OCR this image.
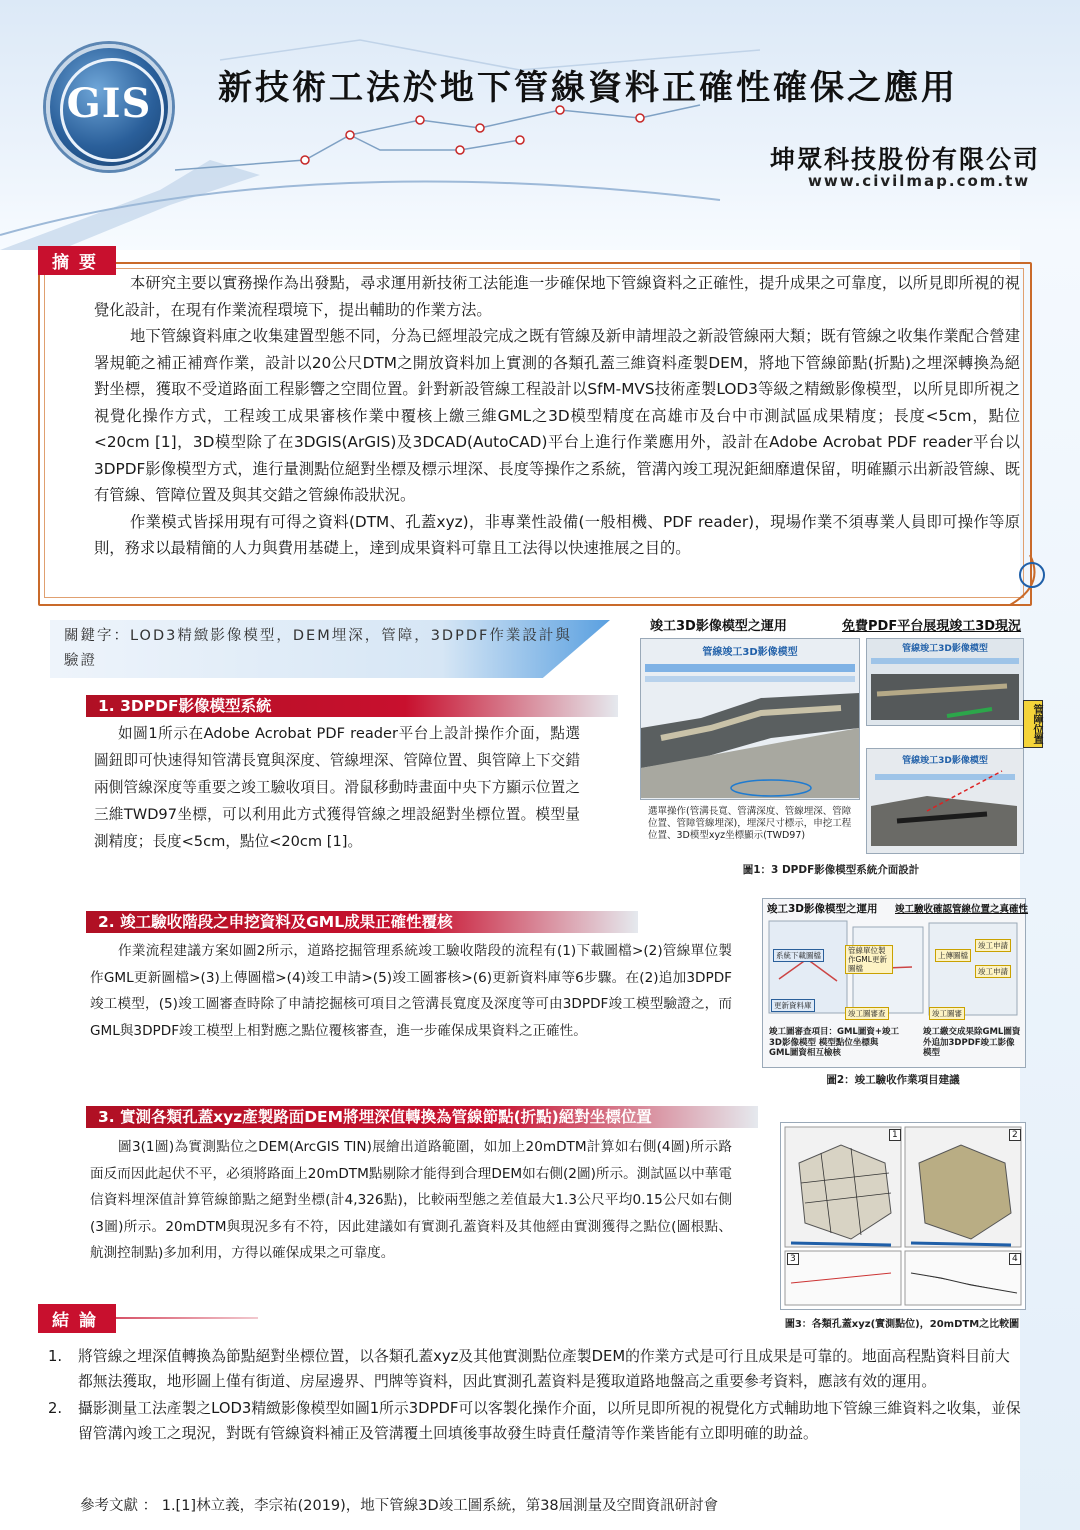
GIS	新技術工法於地下管線資料正確性確保之應用
坤眾科技股份有限公司
www.civilmap.com.tw
摘要
本研究主要以實務操作為出發點，尋求運用新技術工法能進一步確保地下管線資料之正確性，提升成果之可靠度，以所見即所視的視覺化設計，在現有作業流程環境下，提出輔助的作業方法。
地下管線資料庫之收集建置型態不同，分為已經埋設完成之既有管線及新申請埋設之新設管線兩大類；既有管線之收集作業配合營建署規範之補正補齊作業，設計以20公尺DTM之開放資料加上實測的各類孔蓋三維資料產製DEM，將地下管線節點(折點)之埋深轉換為絕對坐標，獲取不受道路面工程影響之空間位置。針對新設管線工程設計以SfM-MVS技術產製LOD3等級之精緻影像模型，以所見即所視之視覺化操作方式，工程竣工成果審核作業中覆核上繳三維GML之3D模型精度在高雄市及台中市測試區成果精度；長度<5cm，點位<20cm [1]，3D模型除了在3DGIS(ArGIS)及3DCAD(AutoCAD)平台上進行作業應用外，設計在Adobe Acrobat PDF reader平台以3DPDF影像模型方式，進行量測點位絕對坐標及標示埋深、長度等操作之系統，管溝內竣工現況鉅細靡遺保留，明確顯示出新設管線、既有管線、管障位置及與其交錯之管線佈設狀況。
作業模式皆採用現有可得之資料(DTM、孔蓋xyz)，非專業性設備(一般相機、PDF reader)，現場作業不須專業人員即可操作等原則，務求以最精簡的人力與費用基礎上，達到成果資料可靠且工法得以快速推展之目的。
關鍵字：LOD3精緻影像模型，DEM埋深，管障，3DPDF作業設計與驗證
1. 3DPDF影像模型系統
如圖1所示在Adobe Acrobat PDF reader平台上設計操作介面，點選圖鈕即可快速得知管溝長寬與深度、管線埋深、管障位置、與管障上下交錯兩側管線深度等重要之竣工驗收項目。滑鼠移動時畫面中央下方顯示位置之三維TWD97坐標，可以利用此方式獲得管線之埋設絕對坐標位置。模型量測精度；長度<5cm，點位<20cm [1]。
竣工3D影像模型之運用	免費PDF平台展現竣工3D現況
管線竣工3D影像模型	管線竣工3D影像模型
管線竣工3D影像模型
管障位置
選單操作(管溝長寬、管溝深度、管線埋深、管障位置、管障管線埋深)，埋深尺寸標示，申挖工程位置、3D模型xyz坐標顯示(TWD97)
圖1：3 DPDF影像模型系統介面設計
2. 竣工驗收階段之申挖資料及GML成果正確性覆核
作業流程建議方案如圖2所示，道路挖掘管理系統竣工驗收階段的流程有(1)下載圖檔>(2)管線單位製作GML更新圖檔>(3)上傳圖檔>(4)竣工申請>(5)竣工圖審核>(6)更新資料庫等6步驟。在(2)追加3DPDF竣工模型，(5)竣工圖審查時除了申請挖掘核可項目之管溝長寬度及深度等可由3DPDF竣工模型驗證之，而GML與3DPDF竣工模型上相對應之點位覆核審查，進一步確保成果資料之正確性。
竣工3D影像模型之運用 竣工驗收確認管線位置之真確性
系統下載圖檔
管線單位製作GML更新圖檔
上傳圖檔
竣工申請
更新資料庫
竣工圖審查
竣工申請
竣工圖審
竣工圖審查項目：GML圖資+竣工3D影像模型 模型點位坐標與GML圖資相互檢核
竣工繳交成果除GML圖資外追加3DPDF竣工影像模型
圖2：竣工驗收作業項目建議
3. 實測各類孔蓋xyz產製路面DEM將埋深值轉換為管線節點(折點)絕對坐標位置
圖3(1圖)為實測點位之DEM(ArcGIS TIN)展繪出道路範圍，如加上20mDTM計算如右側(4圖)所示路面反而因此起伏不平，必須將路面上20mDTM點剔除才能得到合理DEM如右側(2圖)所示。測試區以中華電信資料埋深值計算管線節點之絕對坐標(計4,326點)，比較兩型態之差值最大1.3公尺平均0.15公尺如右側(3圖)所示。20mDTM與現況多有不符，因此建議如有實測孔蓋資料及其他經由實測獲得之點位(圖根點、航測控制點)多加利用，方得以確保成果之可靠度。
1	2
3	4
圖3：各類孔蓋xyz(實測點位)，20mDTM之比較圖
結論
1.	將管線之埋深值轉換為節點絕對坐標位置，以各類孔蓋xyz及其他實測點位產製DEM的作業方式是可行且成果是可靠的。地面高程點資料目前大都無法獲取，地形圖上僅有街道、房屋邊界、門牌等資料，因此實測孔蓋資料是獲取道路地盤高之重要參考資料，應該有效的運用。
2.	攝影測量工法產製之LOD3精緻影像模型如圖1所示3DPDF可以客製化操作介面，以所見即所視的視覺化方式輔助地下管線三維資料之收集，並保留管溝內竣工之現況，對既有管線資料補正及管溝覆土回填後事故發生時責任釐清等作業皆能有立即明確的助益。
參考文獻 ： 1.[1]林立義，李宗祐(2019)，地下管線3D竣工圖系統，第38屆測量及空間資訊研討會
